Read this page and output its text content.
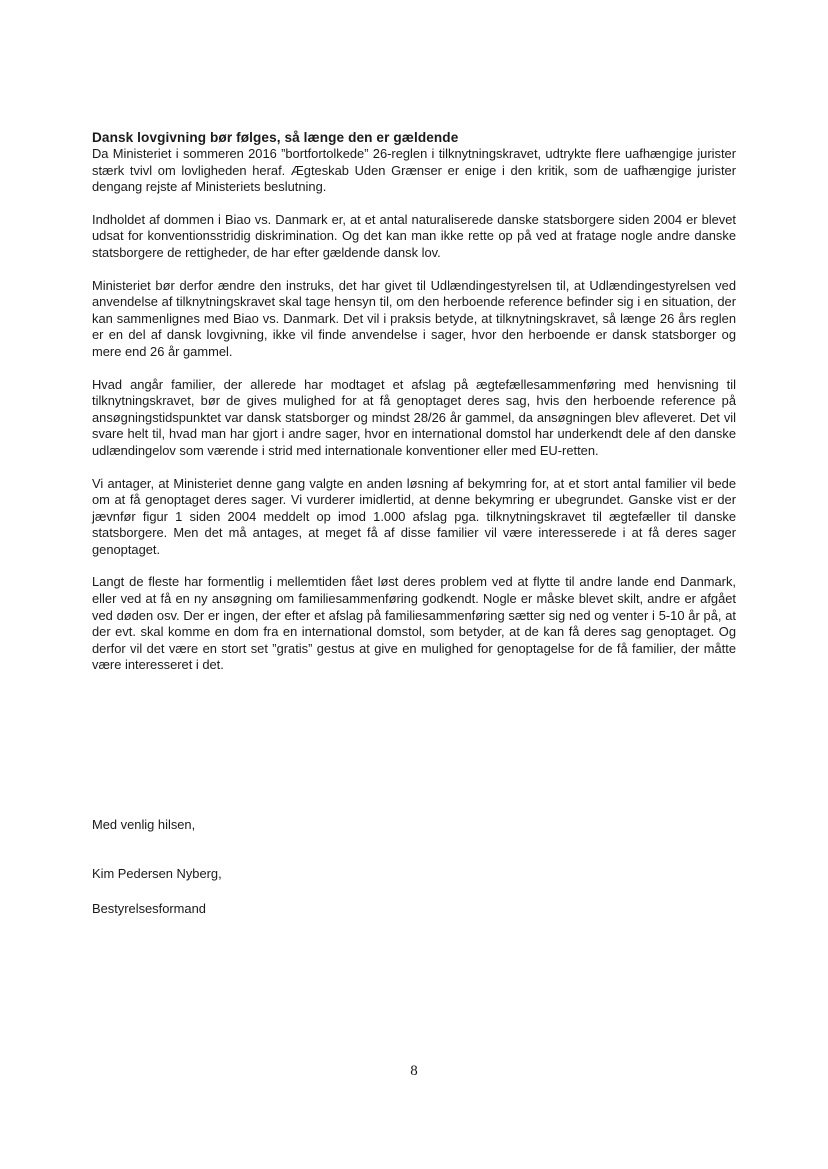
Dansk lovgivning bør følges, så længe den er gældende

Da Ministeriet i sommeren 2016 ”bortfortolkede” 26-reglen i tilknytningskravet, udtrykte flere uafhængige jurister stærk tvivl om lovligheden heraf. Ægteskab Uden Grænser er enige i den kritik, som de uafhængige jurister dengang rejste af Ministeriets beslutning.

Indholdet af dommen i Biao vs. Danmark er, at et antal naturaliserede danske statsborgere siden 2004 er blevet udsat for konventionsstridig diskrimination. Og det kan man ikke rette op på ved at fratage nogle andre danske statsborgere de rettigheder, de har efter gældende dansk lov.

Ministeriet bør derfor ændre den instruks, det har givet til Udlændingestyrelsen til, at Udlændingestyrelsen ved anvendelse af tilknytningskravet skal tage hensyn til, om den herboende reference befinder sig i en situation, der kan sammenlignes med Biao vs. Danmark. Det vil i praksis betyde, at tilknytningskravet, så længe 26 års reglen er en del af dansk lovgivning, ikke vil finde anvendelse i sager, hvor den herboende er dansk statsborger og mere end 26 år gammel.

Hvad angår familier, der allerede har modtaget et afslag på ægtefællesammenføring med henvisning til tilknytningskravet, bør de gives mulighed for at få genoptaget deres sag, hvis den herboende reference på ansøgningstidspunktet var dansk statsborger og mindst 28/26 år gammel, da ansøgningen blev afleveret. Det vil svare helt til, hvad man har gjort i andre sager, hvor en international domstol har underkendt dele af den danske udlændingelov som værende i strid med internationale konventioner eller med EU-retten.

Vi antager, at Ministeriet denne gang valgte en anden løsning af bekymring for, at et stort antal familier vil bede om at få genoptaget deres sager. Vi vurderer imidlertid, at denne bekymring er ubegrundet. Ganske vist er der jævnfør figur 1 siden 2004 meddelt op imod 1.000 afslag pga. tilknytningskravet til ægtefæller til danske statsborgere. Men det må antages, at meget få af disse familier vil være interesserede i at få deres sager genoptaget.

Langt de fleste har formentlig i mellemtiden fået løst deres problem ved at flytte til andre lande end Danmark, eller ved at få en ny ansøgning om familiesammenføring godkendt. Nogle er måske blevet skilt, andre er afgået ved døden osv. Der er ingen, der efter et afslag på familiesammenføring sætter sig ned og venter i 5-10 år på, at der evt. skal komme en dom fra en international domstol, som betyder, at de kan få deres sag genoptaget. Og derfor vil det være en stort set ”gratis” gestus at give en mulighed for genoptagelse for de få familier, der måtte være interesseret i det.

Med venlig hilsen,

Kim Pedersen Nyberg,

Bestyrelsesformand

8
